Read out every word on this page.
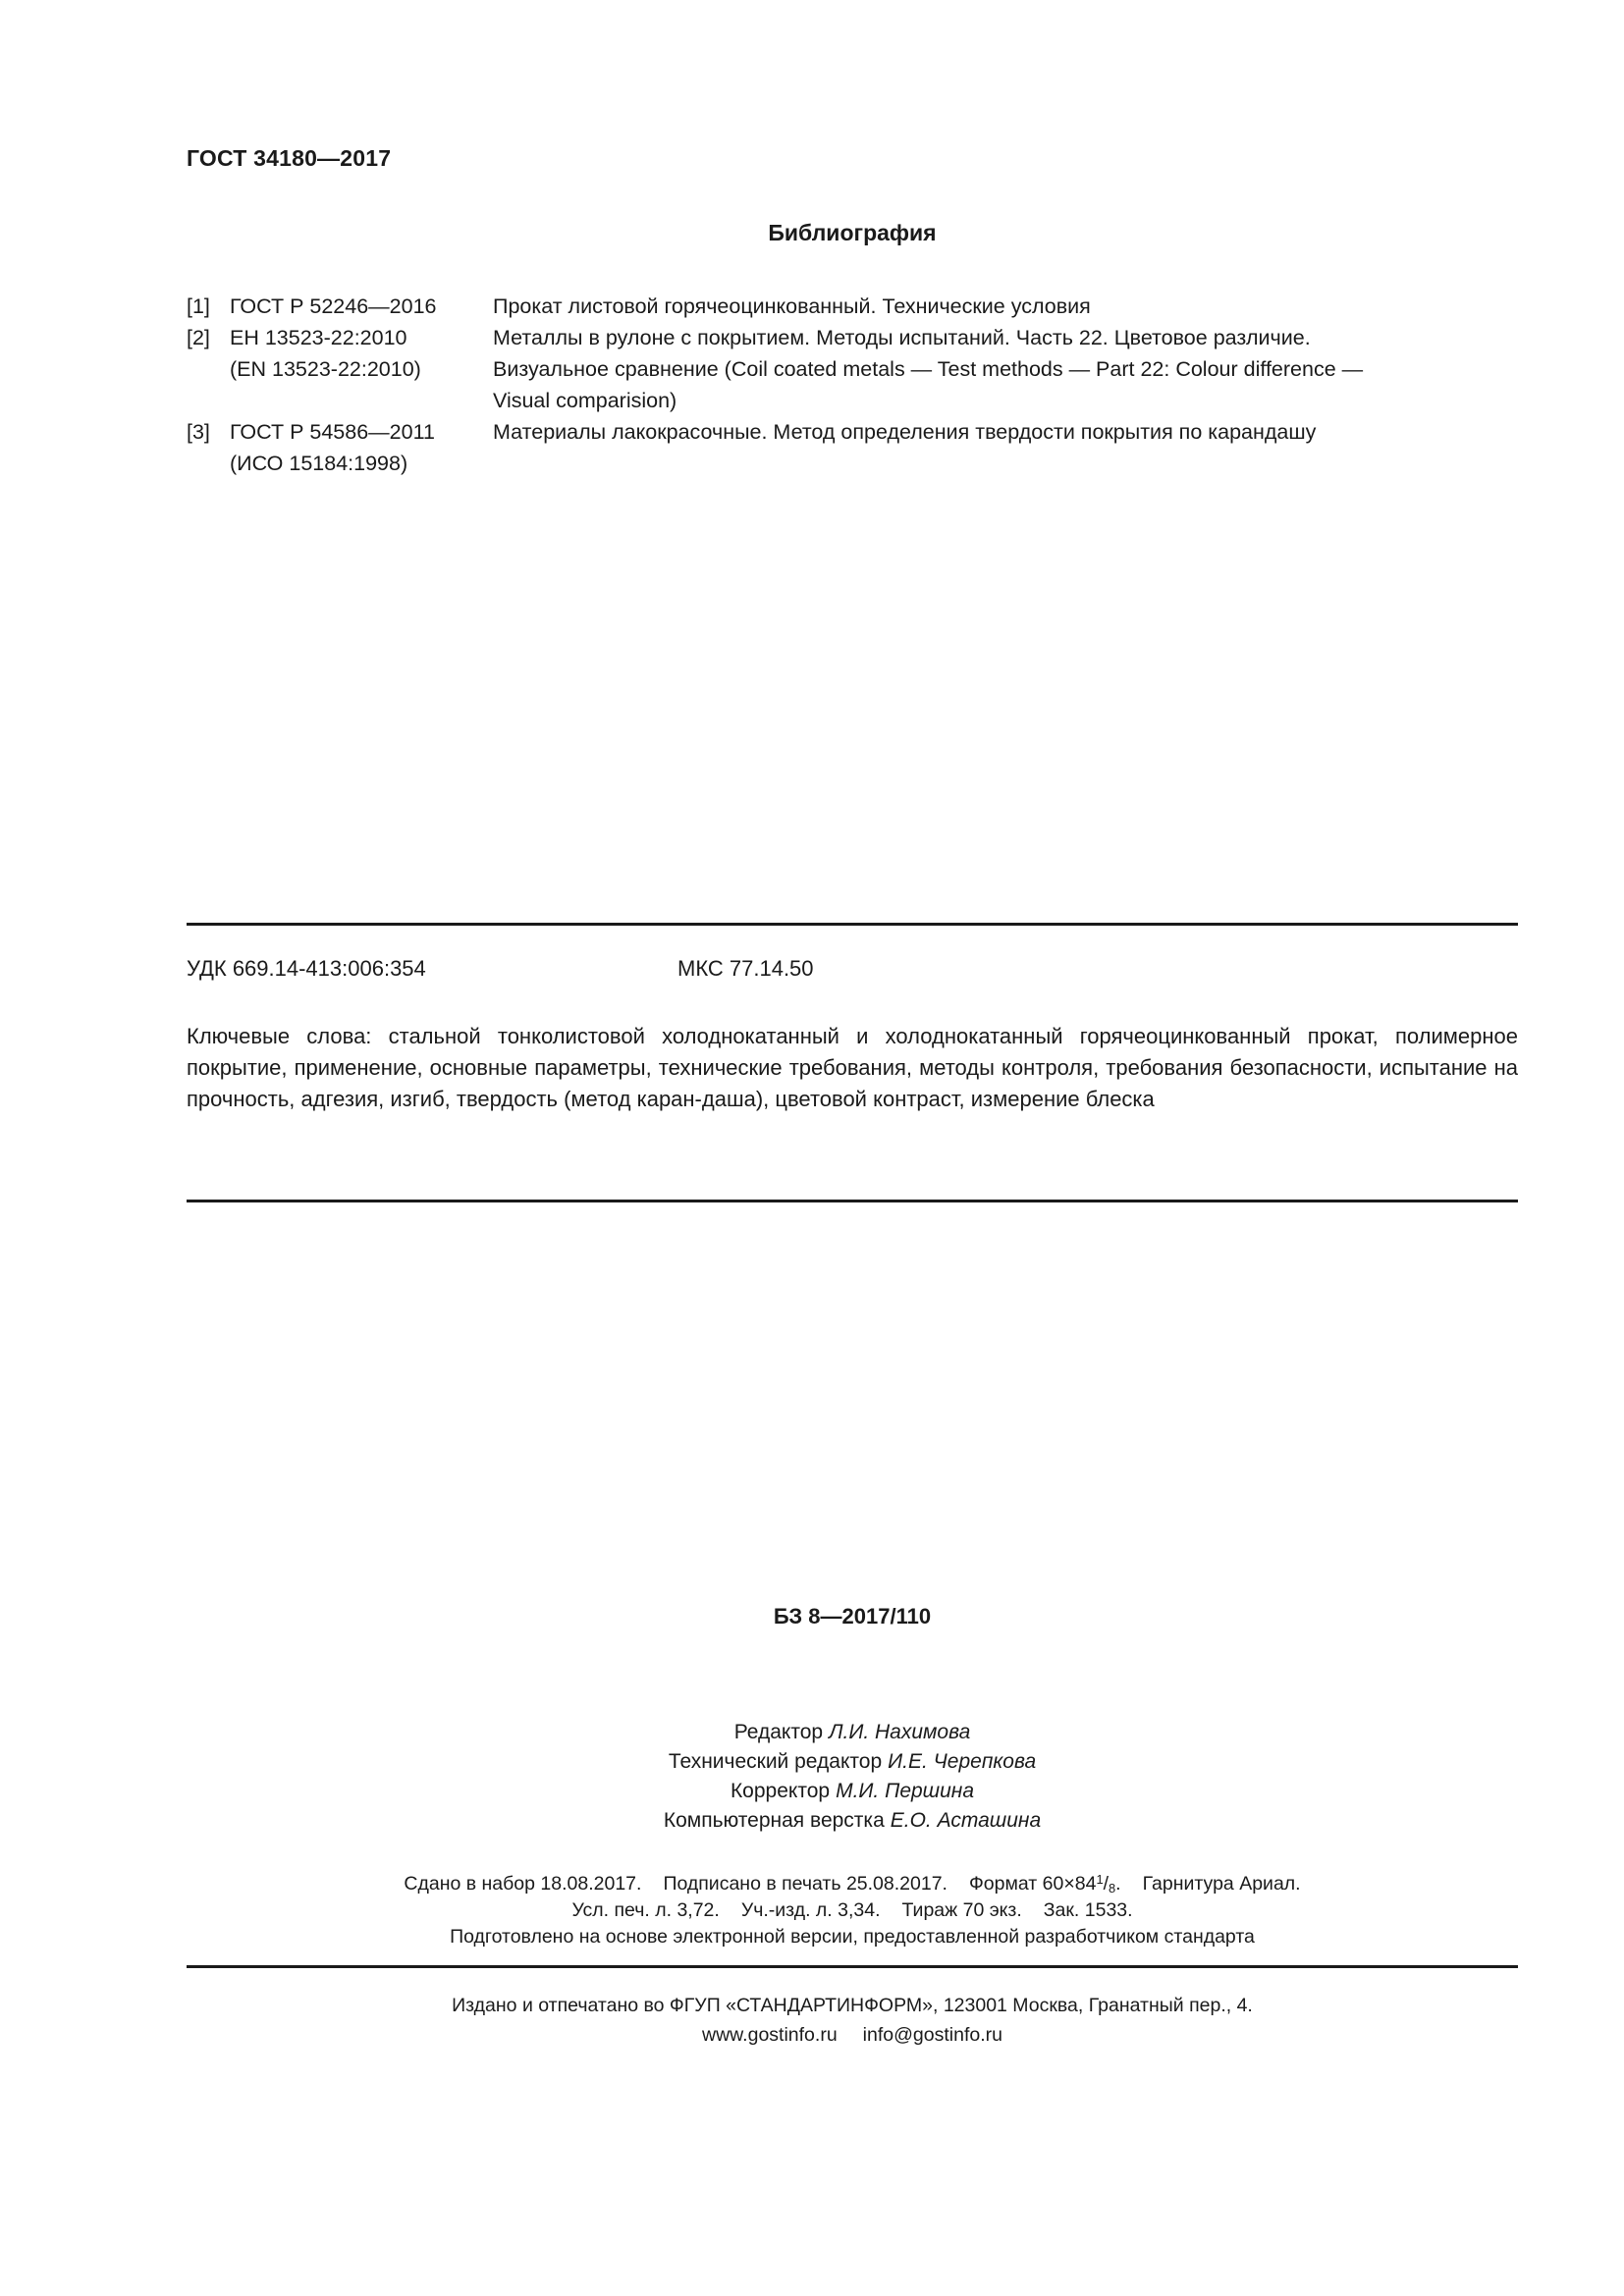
ГОСТ 34180—2017
Библиография
[1] ГОСТ Р 52246—2016	Прокат листовой горячеоцинкованный. Технические условия
[2] ЕН 13523-22:2010	Металлы в рулоне с покрытием. Методы испытаний. Часть 22. Цветовое различие.
(EN 13523-22:2010)	Визуальное сравнение (Coil coated metals — Test methods — Part 22: Colour difference —

Visual comparision)
[3] ГОСТ Р 54586—2011	Материалы лакокрасочные. Метод определения твердости покрытия по карандашу
(ИСО 15184:1998)

УДК 669.14-413:006:354	МКС 77.14.50
Ключевые слова: стальной тонколистовой холоднокатанный и холоднокатанный горячеоцинкованный прокат, полимерное покрытие, применение, основные параметры, технические требования, методы контроля, требования безопасности, испытание на прочность, адгезия, изгиб, твердость (метод каран-даша), цветовой контраст, измерение блеска
БЗ 8—2017/110
Редактор Л.И. Нахимова
Технический редактор И.Е. Черепкова
Корректор М.И. Першина
Компьютерная верстка Е.О. Асташина
Сдано в набор 18.08.2017. Подписано в печать 25.08.2017. Формат $60\times 84^1/_8$. Гарнитура Ариал.
Усл. печ. л. 3,72. Уч.-изд. л. 3,34. Тираж 70 экз. Зак. 1533.
Подготовлено на основе электронной версии, предоставленной разработчиком стандарта
Издано и отпечатано во ФГУП «СТАНДАРТИНФОРМ», 123001 Москва, Гранатный пер., 4.
www.gostinfo.ru info@gostinfo.ru
